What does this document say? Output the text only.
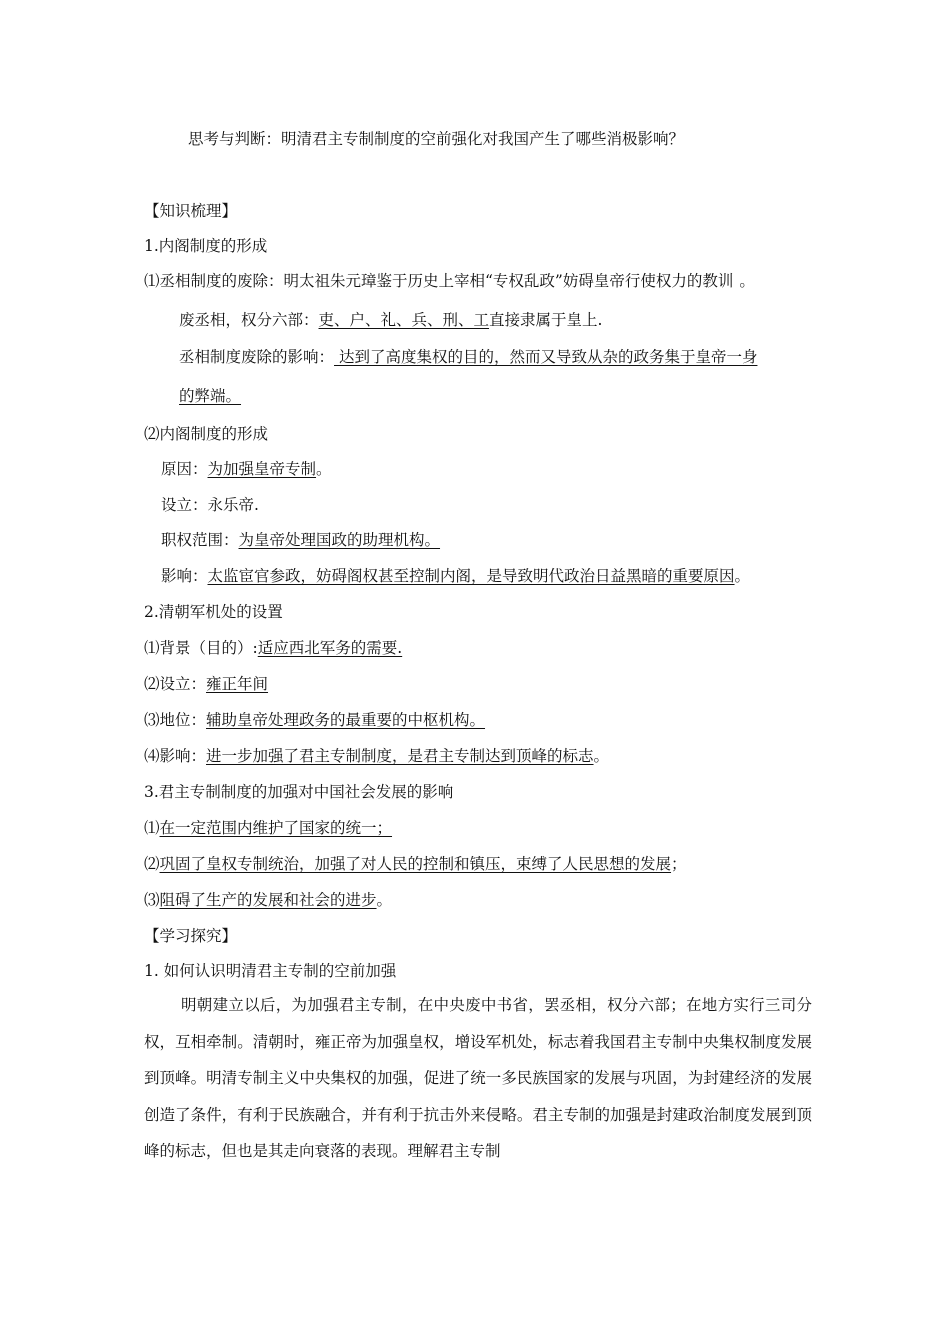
思考与判断：明清君主专制制度的空前强化对我国产生了哪些消极影响？
【知识梳理】
1.内阁制度的形成
⑴丞相制度的废除：明太祖朱元璋鉴于历史上宰相“专权乱政”妨碍皇帝行使权力的教训 。
废丞相，权分六部：吏、户、礼、兵、刑、工直接隶属于皇上.
丞相制度废除的影响： 达到了高度集权的目的，然而又导致从杂的政务集于皇帝一身
的弊端。
⑵内阁制度的形成
原因：为加强皇帝专制。
设立：永乐帝.
职权范围：为皇帝处理国政的助理机构。
影响：太监宦官参政，妨碍阁权甚至控制内阁，是导致明代政治日益黑暗的重要原因。
2.清朝军机处的设置
⑴背景（目的）:适应西北军务的需要.
⑵设立：雍正年间
⑶地位：辅助皇帝处理政务的最重要的中枢机构。
⑷影响：进一步加强了君主专制制度，是君主专制达到顶峰的标志。
3.君主专制制度的加强对中国社会发展的影响
⑴在一定范围内维护了国家的统一；
⑵巩固了皇权专制统治，加强了对人民的控制和镇压，束缚了人民思想的发展；
⑶阻碍了生产的发展和社会的进步。
【学习探究】
1. 如何认识明清君主专制的空前加强
明朝建立以后，为加强君主专制，在中央废中书省，罢丞相，权分六部；在地方实行三司分权，互相牵制。清朝时，雍正帝为加强皇权，增设军机处，标志着我国君主专制中央集权制度发展到顶峰。明清专制主义中央集权的加强，促进了统一多民族国家的发展与巩固，为封建经济的发展创造了条件，有利于民族融合，并有利于抗击外来侵略。君主专制的加强是封建政治制度发展到顶峰的标志，但也是其走向衰落的表现。理解君主专制
